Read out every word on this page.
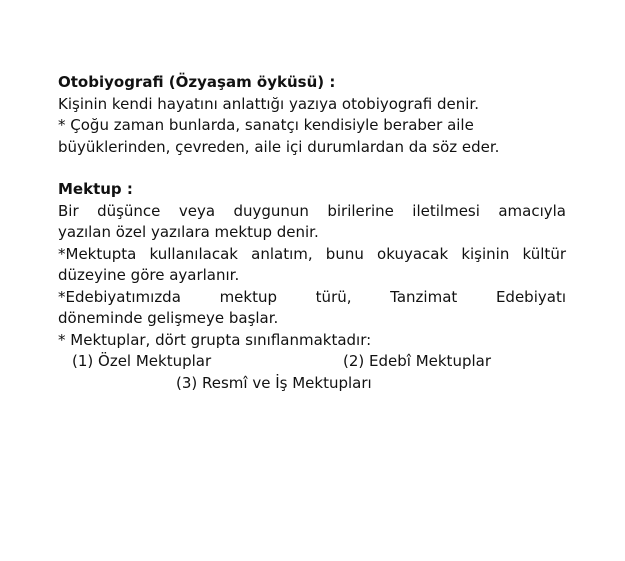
Otobiyografi (Özyaşam öyküsü) :

Kişinin kendi hayatını anlattığı yazıya otobiyografi denir.

* Çoğu zaman bunlarda, sanatçı kendisiyle beraber aile

büyüklerinden, çevreden, aile içi durumlardan da söz eder.

Mektup :

Bir düşünce veya duygunun birilerine iletilmesi amacıyla

yazılan özel yazılara mektup denir.

*Mektupta kullanılacak anlatım, bunu okuyacak kişinin kültür

düzeyine göre ayarlanır.

*Edebiyatımızda mektup türü, Tanzimat Edebiyatı

döneminde gelişmeye başlar.

* Mektuplar, dört grupta sınıflanmaktadır:

(1) Özel Mektuplar	(2) Edebî Mektuplar
(3) Resmî ve İş Mektupları
